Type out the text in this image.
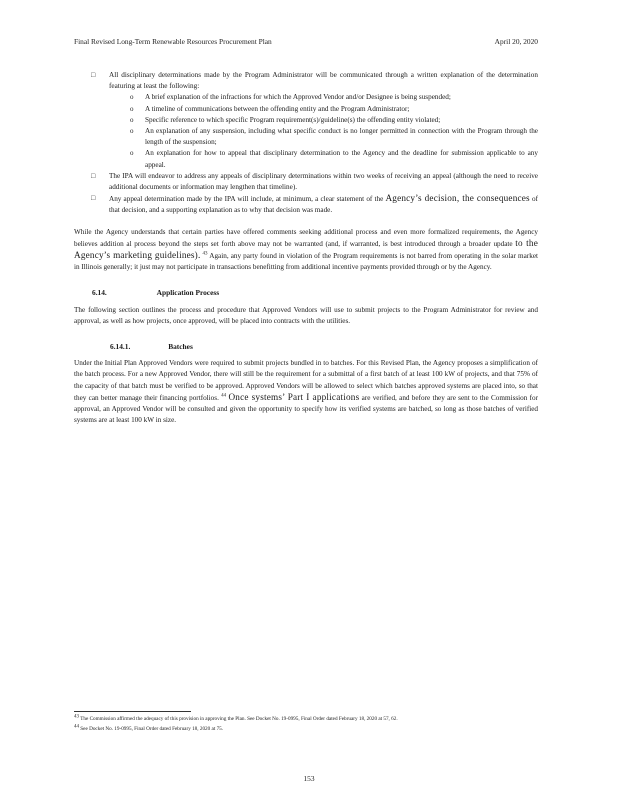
Final Revised Long-Term Renewable Resources Procurement Plan	April 20, 2020

□ All disciplinary determinations made by the Program Administrator will be communicated through a written explanation of the determination featuring at least the following:

o A brief explanation of the infractions for which the Approved Vendor and/or Designee is being suspended;

o A timeline of communications between the offending entity and the Program Administrator;

o Specific reference to which specific Program requirement(s)/guideline(s) the offending entity violated;

o An explanation of any suspension, including what specific conduct is no longer permitted in connection with the Program through the length of the suspension;

o An explanation for how to appeal that disciplinary determination to the Agency and the deadline for submission applicable to any appeal.

□ The IPA will endeavor to address any appeals of disciplinary determinations within two weeks of receiving an appeal (although the need to receive additional documents or information may lengthen that timeline).

□ Any appeal determination made by the IPA will include, at minimum, a clear statement of the Agency’s decision, the consequences of that decision, and a supporting explanation as to why that decision was made.

While the Agency understands that certain parties have offered comments seeking additional process and even more formalized requirements, the Agency believes addition al process beyond the steps set forth above may not be warranted (and, if warranted, is best introduced through a broader update to the Agency’s marketing guidelines). $^{43}$ Again, any party found in violation of the Program requirements is not barred from operating in the solar market in Illinois generally; it just may not participate in transactions benefitting from additional incentive payments provided through or by the Agency.

6.14.	Application Process

The following section outlines the process and procedure that Approved Vendors will use to submit projects to the Program Administrator for review and approval, as well as how projects, once approved, will be placed into contracts with the utilities.

6.14.1.	Batches

Under the Initial Plan Approved Vendors were required to submit projects bundled in to batches. For this Revised Plan, the Agency proposes a simplification of the batch process. For a new Approved Vendor, there will still be the requirement for a submittal of a first batch of at least 100 kW of projects, and that 75% of the capacity of that batch must be verified to be approved. Approved Vendors will be allowed to select which batches approved systems are placed into, so that they can better manage their financing portfolios. $^{44}$ Once systems’ Part I applications are verified, and before they are sent to the Commission for approval, an Approved Vendor will be consulted and given the opportunity to specify how its verified systems are batched, so long as those batches of verified systems are at least 100 kW in size.

$^{43}$ The Commission affirmed the adequacy of this provision in approving the Plan. See Docket No. 19-0995, Final Order dated February 18, 2020 at 57, 62.

$^{44}$ See Docket No. 19-0995, Final Order dated February 18, 2020 at 75.

153
